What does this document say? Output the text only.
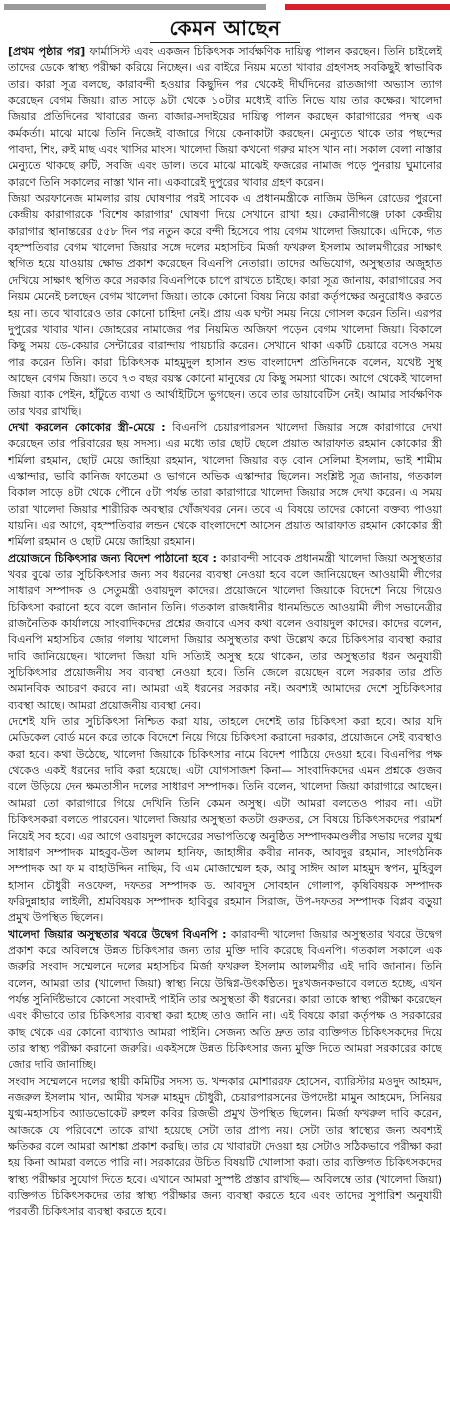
কেমন আছেন

[প্রথম পৃষ্ঠার পর] ফার্মাসিস্ট এবং একজন চিকিৎসক সার্বক্ষণিক দায়িত্ব পালন করছেন। তিনি চাইলেই তাদের ডেকে স্বাস্থ্য পরীক্ষা করিয়ে নিচ্ছেন। এর বাইরে নিয়ম মতো খাবার গ্রহণসহ সবকিছুই স্বাভাবিক তার। কারা সূত্র বলছে, কারাবন্দী হওয়ার কিছুদিন পর থেকেই দীর্ঘদিনের রাতজাগা অভ্যাস ত্যাগ করেছেন বেগম জিয়া। রাত সাড়ে ৯টা থেকে ১০টার মধ্যেই বাতি নিভে যায় তার কক্ষের। খালেদা জিয়ার প্রতিদিনের খাবারের জন্য বাজার-সদাইয়ের দায়িত্ব পালন করছেন কারাগারের পদস্থ এক কর্মকর্তা। মাঝে মাঝে তিনি নিজেই বাজারে গিয়ে কেনাকাটা করছেন। মেন্যুতে থাকে তার পছন্দের পাবদা, শিং, রুই মাছ এবং খাসির মাংস। খালেদা জিয়া কখনো গরুর মাংস খান না। সকাল বেলা নাস্তার মেন্যুতে থাকছে রুটি, সবজি এবং ডাল। তবে মাঝে মাঝেই ফজরের নামাজ পড়ে পুনরায় ঘুমানোর কারণে তিনি সকালের নাস্তা খান না। একবারেই দুপুরের খাবার গ্রহণ করেন।

জিয়া অরফানেজ মামলার রায় ঘোষণার পরই সাবেক এ প্রধানমন্ত্রীকে নাজিম উদ্দিন রোডের পুরনো কেন্দ্রীয় কারাগারকে 'বিশেষ কারাগার' ঘোষণা দিয়ে সেখানে রাখা হয়। কেরানীগঞ্জে ঢাকা কেন্দ্রীয় কারাগার স্থানান্তরের ৫৫৮ দিন পর নতুন করে বন্দী হিসেবে পায় বেগম খালেদা জিয়াকে। এদিকে, গত বৃহস্পতিবার বেগম খালেদা জিয়ার সঙ্গে দলের মহাসচিব মির্জা ফখরুল ইসলাম আলমগীরের সাক্ষাৎ স্থগিত হয়ে যাওয়ায় ক্ষোভ প্রকাশ করেছেন বিএনপি নেতারা। তাদের অভিযোগ, অসুস্থতার অজুহাত দেখিয়ে সাক্ষাৎ স্থগিত করে সরকার বিএনপিকে চাপে রাখতে চাইছে। কারা সূত্র জানায়, কারাগারের সব নিয়ম মেনেই চলছেন বেগম খালেদা জিয়া। তাকে কোনো বিষয় নিয়ে কারা কর্তৃপক্ষের অনুরোধও করতে হয় না। তবে খাবারেও তার কোনো চাহিদা নেই। প্রায় এক ঘণ্টা সময় নিয়ে গোসল করেন তিনি। এরপর দুপুরের খাবার খান। জোহরের নামাজের পর নিয়মিত অজিফা পড়েন বেগম খালেদা জিয়া। বিকালে কিছু সময় ডে-কেয়ার সেন্টারের বারান্দায় পায়চারি করেন। সেখানে থাকা একটি চেয়ারে বসেও সময় পার করেন তিনি। কারা চিকিৎসক মাহমুদুল হাসান শুভ বাংলাদেশ প্রতিদিনকে বলেন, যথেষ্ট সুস্থ আছেন বেগম জিয়া। তবে ৭৩ বছর বয়স্ক কোনো মানুষের যে কিছু সমস্যা থাকে। আগে থেকেই খালেদা জিয়া ব্যাক পেইন, হাঁটুতে ব্যথা ও আর্থাইটিসে ভুগছেন। তবে তার ডায়াবেটিস নেই। আমার সার্বক্ষণিক তার খবর রাখছি।

দেখা করলেন কোকোর স্ত্রী-মেয়ে : বিএনপি চেয়ারপারসন খালেদা জিয়ার সঙ্গে কারাগারে দেখা করেছেন তার পরিবারের ছয় সদস্য। এর মধ্যে তার ছোট ছেলে প্রয়াত আরাফাত রহমান কোকোর স্ত্রী শর্মিলা রহমান, ছোট মেয়ে জাহিয়া রহমান, খালেদা জিয়ার বড় বোন সেলিমা ইসলাম, ভাই শামীম এস্কান্দার, ভাবি কানিজ ফাতেমা ও ভাগনে অভিক এস্কান্দার ছিলেন। সংশ্লিষ্ট সূত্র জানায়, গতকাল বিকাল সাড়ে ৪টা থেকে পৌনে ৫টা পর্যন্ত তারা কারাগারে খালেদা জিয়ার সঙ্গে দেখা করেন। এ সময় তারা খালেদা জিয়ার শারীরিক অবস্থার খোঁজখবর নেন। তবে এ বিষয়ে তাদের কোনো বক্তব্য পাওয়া যায়নি। এর আগে, বৃহস্পতিবার লন্ডন থেকে বাংলাদেশে আসেন প্রয়াত আরাফাত রহমান কোকোর স্ত্রী শর্মিলা রহমান ও ছোট মেয়ে জাহিয়া রহমান।

প্রয়োজনে চিকিৎসার জন্য বিদেশ পাঠানো হবে : কারাবন্দী সাবেক প্রধানমন্ত্রী খালেদা জিয়া অসুস্থতার খবর বুঝে তার সুচিকিৎসার জন্য সব ধরনের ব্যবস্থা নেওয়া হবে বলে জানিয়েছেন আওয়ামী লীগের সাধারণ সম্পাদক ও সেতুমন্ত্রী ওবায়দুল কাদের। প্রয়োজনে খালেদা জিয়াকে বিদেশে নিয়ে গিয়েও চিকিৎসা করানো হবে বলে জানান তিনি। গতকাল রাজধানীর ধানমন্ডিতে আওয়ামী লীগ সভানেত্রীর রাজনৈতিক কার্যালয়ে সাংবাদিকদের প্রশ্নের জবাবে এসব কথা বলেন ওবায়দুল কাদের। কাদের বলেন, বিএনপি মহাসচিব জোর গলায় খালেদা জিয়ার অসুস্থতার কথা উল্লেখ করে চিকিৎসার ব্যবস্থা করার দাবি জানিয়েছেন। খালেদা জিয়া যদি সত্যিই অসুস্থ হয়ে থাকেন, তার অসুস্থতার ধরন অনুযায়ী সুচিকিৎসার প্রয়োজনীয় সব ব্যবস্থা নেওয়া হবে। তিনি জেলে রয়েছেন বলে সরকার তার প্রতি অমানবিক আচরণ করবে না। আমরা এই ধরনের সরকার নই। অবশ্যই আমাদের দেশে সুচিকিৎসার ব্যবস্থা আছে। আমরা প্রয়োজনীয় ব্যবস্থা নেব।

দেশেই যদি তার সুচিকিৎসা নিশ্চিত করা যায়, তাহলে দেশেই তার চিকিৎসা করা হবে। আর যদি মেডিকেল বোর্ড মনে করে তাকে বিদেশে নিয়ে গিয়ে চিকিৎসা করানো দরকার, প্রয়োজনে সেই ব্যবস্থাও করা হবে। কথা উঠেছে, খালেদা জিয়াকে চিকিৎসার নামে বিদেশ পাঠিয়ে দেওয়া হবে। বিএনপির পক্ষ থেকেও একই ধরনের দাবি করা হয়েছে। এটা যোগসাজশ কিনা— সাংবাদিকদের এমন প্রশ্নকে গুজব বলে উড়িয়ে দেন ক্ষমতাসীন দলের সাধারণ সম্পাদক। তিনি বলেন, খালেদা জিয়া কারাগারে আছেন। আমরা তো কারাগারে গিয়ে দেখিনি তিনি কেমন অসুস্থ। এটা আমরা বলতেও পারব না। এটা চিকিৎসকরা বলতে পারবেন। খালেদা জিয়ার অসুস্থতা কতটা গুরুতর, সে বিষয়ে চিকিৎসকদের পরামর্শ নিয়েই সব হবে। এর আগে ওবায়দুল কাদেরের সভাপতিত্বে অনুষ্ঠিত সম্পাদকমণ্ডলীর সভায় দলের যুগ্ম সাধারণ সম্পাদক মাহবুব-উল আলম হানিফ, জাহাঙ্গীর কবীর নানক, আবদুর রহমান, সাংগঠনিক সম্পাদক আ ফ ম বাহাউদ্দিন নাছিম, বি এম মোজাম্মেল হক, আবু সাঈদ আল মাহমুদ স্বপন, মুহিবুল হাসান চৌধুরী নওফেল, দফতর সম্পাদক ড. আবদুস সোবহান গোলাপ, কৃষিবিষয়ক সম্পাদক ফরিদুন্নাহার লাইলী, শ্রমবিষয়ক সম্পাদক হাবিবুর রহমান সিরাজ, উপ-দফতর সম্পাদক বিপ্লব বড়ুয়া প্রমুখ উপস্থিত ছিলেন।

খালেদা জিয়ার অসুস্থতার খবরে উদ্বেগ বিএনপি : কারাবন্দী খালেদা জিয়ার অসুস্থতার খবরে উদ্বেগ প্রকাশ করে অবিলম্বে উন্নত চিকিৎসার জন্য তার মুক্তি দাবি করেছে বিএনপি। গতকাল সকালে এক জরুরি সংবাদ সম্মেলনে দলের মহাসচিব মির্জা ফখরুল ইসলাম আলমগীর এই দাবি জানান। তিনি বলেন, আমরা তার (খালেদা জিয়া) স্বাস্থ্য নিয়ে উদ্বিগ্ন-উৎকণ্ঠিত। দুঃখজনকভাবে বলতে হচ্ছে, এখন পর্যন্ত সুনির্দিষ্টভাবে কোনো সংবাদই পাইনি তার অসুস্থতা কী ধরনের। কারা তাকে স্বাস্থ্য পরীক্ষা করেছেন এবং কীভাবে তার চিকিৎসার ব্যবস্থা করা হচ্ছে তাও জানি না। এই বিষয়ে কারা কর্তৃপক্ষ ও সরকারের কাছ থেকে এর কোনো ব্যাখ্যাও আমরা পাইনি। সেজন্য অতি দ্রুত তার ব্যক্তিগত চিকিৎসকদের দিয়ে তার স্বাস্থ্য পরীক্ষা করানো জরুরি। একইসঙ্গে উন্নত চিকিৎসার জন্য মুক্তি দিতে আমরা সরকারের কাছে জোর দাবি জানাচ্ছি।

সংবাদ সম্মেলনে দলের স্থায়ী কমিটির সদস্য ড. খন্দকার মোশাররফ হোসেন, ব্যারিস্টার মওদুদ আহমদ, নজরুল ইসলাম খান, আমীর খসরু মাহমুদ চৌধুরী, চেয়ারপারসনের উপদেষ্টা মামুন আহমেদ, সিনিয়র যুগ্ম-মহাসচিব অ্যাডভোকেট রুহুল কবির রিজভী প্রমুখ উপস্থিত ছিলেন। মির্জা ফখরুল দাবি করেন, আজকে যে পরিবেশে তাকে রাখা হয়েছে সেটা তার প্রাপ্য নয়। সেটা তার স্বাস্থ্যের জন্য অবশ্যই ক্ষতিকর বলে আমরা আশঙ্কা প্রকাশ করছি। তার যে খাবারটা দেওয়া হয় সেটাও সঠিকভাবে পরীক্ষা করা হয় কিনা আমরা বলতে পারি না। সরকারের উচিত বিষয়টি খোলাসা করা। তার ব্যক্তিগত চিকিৎসকদের স্বাস্থ্য পরীক্ষার সুযোগ দিতে হবে। এখানে আমরা সুস্পষ্ট প্রস্তাব রাখছি— অবিলম্বে তার (খালেদা জিয়া) ব্যক্তিগত চিকিৎসকদের তার স্বাস্থ্য পরীক্ষার জন্য ব্যবস্থা করতে হবে এবং তাদের সুপারিশ অনুযায়ী পরবর্তী চিকিৎসার ব্যবস্থা করতে হবে।
